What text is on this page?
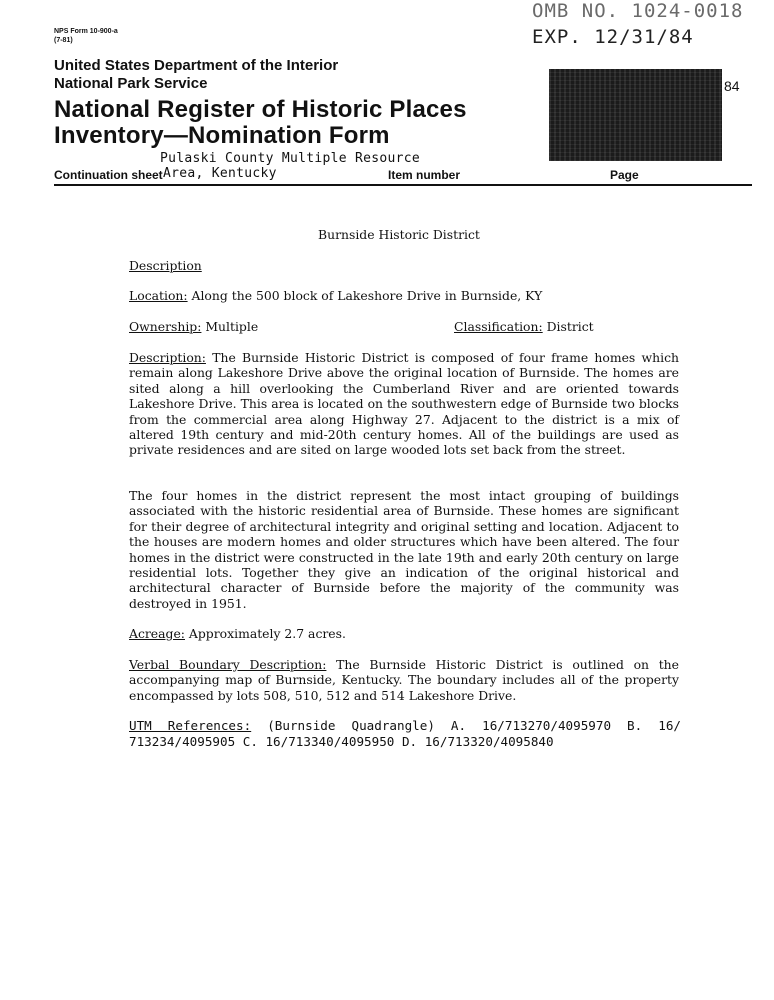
NPS Form 10-900-a
(7-81)
OMB NO. 1024-0018
EXP. 12/31/84
United States Department of the Interior
National Park Service
National Register of Historic Places
Inventory—Nomination Form
84
Pulaski County Multiple Resource
Continuation sheet Area, Kentucky	Item number	Page
Burnside Historic District
Description
Location: Along the 500 block of Lakeshore Drive in Burnside, KY
Ownership: Multiple	Classification: District
Description: The Burnside Historic District is composed of four frame homes which remain along Lakeshore Drive above the original location of Burnside. The homes are sited along a hill overlooking the Cumberland River and are oriented towards Lakeshore Drive. This area is located on the southwestern edge of Burnside two blocks from the commercial area along Highway 27. Adjacent to the district is a mix of altered 19th century and mid-20th century homes. All of the buildings are used as private residences and are sited on large wooded lots set back from the street.
The four homes in the district represent the most intact grouping of buildings associated with the historic residential area of Burnside. These homes are significant for their degree of architectural integrity and original setting and location. Adjacent to the houses are modern homes and older structures which have been altered. The four homes in the district were constructed in the late 19th and early 20th century on large residential lots. Together they give an indication of the original historical and architectural character of Burnside before the majority of the community was destroyed in 1951.
Acreage: Approximately 2.7 acres.
Verbal Boundary Description: The Burnside Historic District is outlined on the accompanying map of Burnside, Kentucky. The boundary includes all of the property encompassed by lots 508, 510, 512 and 514 Lakeshore Drive.
UTM References: (Burnside Quadrangle) A. 16/713270/4095970 B. 16/ 713234/4095905 C. 16/713340/4095950 D. 16/713320/4095840
